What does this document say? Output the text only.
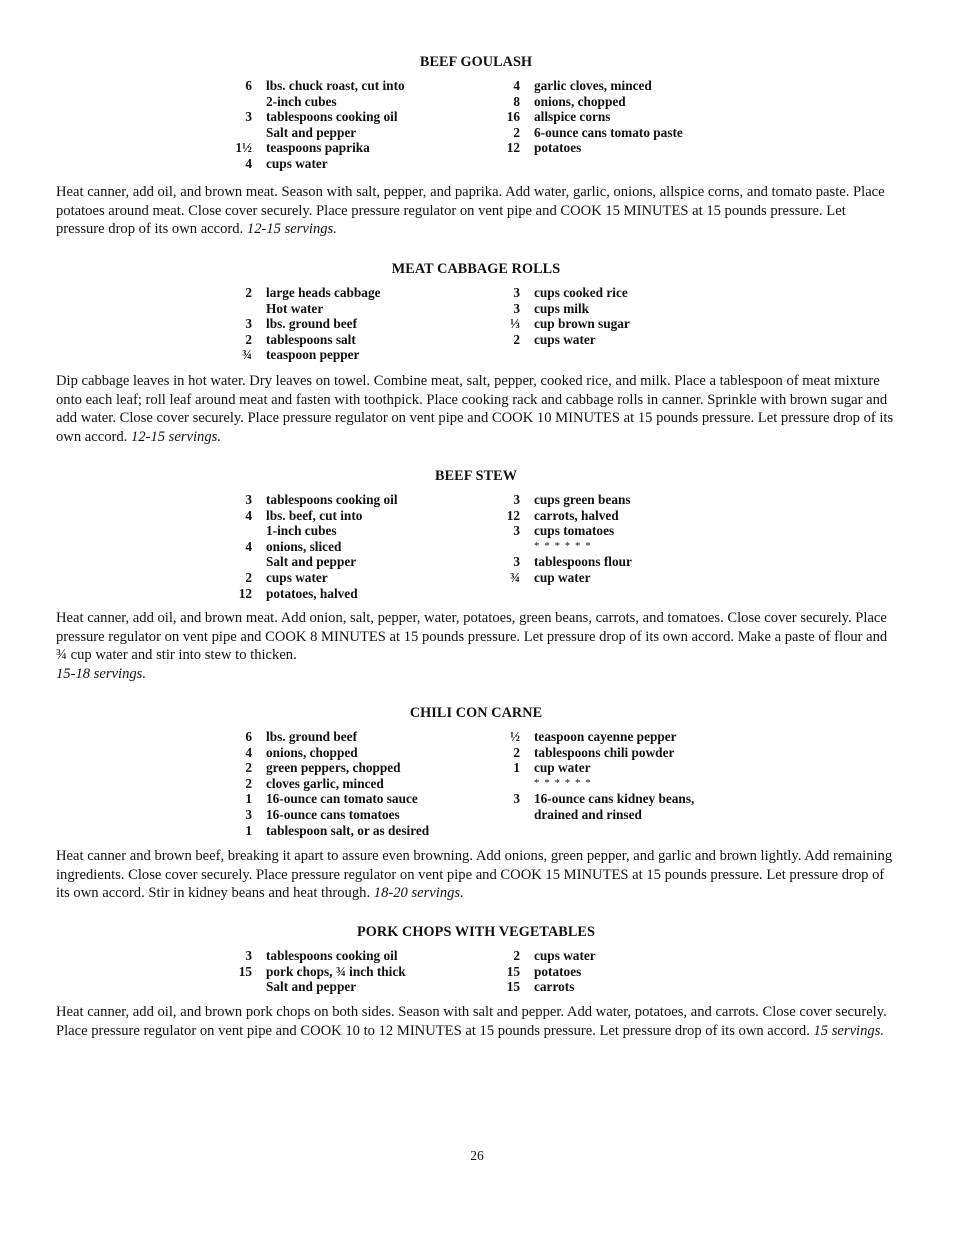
BEEF GOULASH
6	lbs. chuck roast, cut into
2-inch cubes
3	tablespoons cooking oil
Salt and pepper
1½	teaspoons paprika
4	cups water
4	garlic cloves, minced
8	onions, chopped
16	allspice corns
2	6-ounce cans tomato paste
12	potatoes

Heat canner, add oil, and brown meat. Season with salt, pepper, and paprika. Add water, garlic, onions, allspice corns, and tomato paste. Place potatoes around meat. Close cover securely. Place pressure regulator on vent pipe and COOK 15 MINUTES at 15 pounds pressure. Let pressure drop of its own accord. 12-15 servings.

MEAT CABBAGE ROLLS
2	large heads cabbage
Hot water
3	lbs. ground beef
2	tablespoons salt
¾	teaspoon pepper
3	cups cooked rice
3	cups milk
⅓	cup brown sugar
2	cups water

Dip cabbage leaves in hot water. Dry leaves on towel. Combine meat, salt, pepper, cooked rice, and milk. Place a tablespoon of meat mixture onto each leaf; roll leaf around meat and fasten with toothpick. Place cooking rack and cabbage rolls in canner. Sprinkle with brown sugar and add water. Close cover securely. Place pressure regulator on vent pipe and COOK 10 MINUTES at 15 pounds pressure. Let pressure drop of its own accord. 12-15 servings.

BEEF STEW
3	tablespoons cooking oil
4	lbs. beef, cut into
1-inch cubes
4	onions, sliced
Salt and pepper
2	cups water
12	potatoes, halved
3	cups green beans
12	carrots, halved
3	cups tomatoes
* * * * * *
3	tablespoons flour
¾	cup water

Heat canner, add oil, and brown meat. Add onion, salt, pepper, water, potatoes, green beans, carrots, and tomatoes. Close cover securely. Place pressure regulator on vent pipe and COOK 8 MINUTES at 15 pounds pressure. Let pressure drop of its own accord. Make a paste of flour and ¾ cup water and stir into stew to thicken.
15-18 servings.

CHILI CON CARNE
6	lbs. ground beef
4	onions, chopped
2	green peppers, chopped
2	cloves garlic, minced
1	16-ounce can tomato sauce
3	16-ounce cans tomatoes
1	tablespoon salt, or as desired
½	teaspoon cayenne pepper
2	tablespoons chili powder
1	cup water
* * * * * *
3	16-ounce cans kidney beans,
drained and rinsed

Heat canner and brown beef, breaking it apart to assure even browning. Add onions, green pepper, and garlic and brown lightly. Add remaining ingredients. Close cover securely. Place pressure regulator on vent pipe and COOK 15 MINUTES at 15 pounds pressure. Let pressure drop of its own accord. Stir in kidney beans and heat through. 18-20 servings.

PORK CHOPS WITH VEGETABLES
3	tablespoons cooking oil
15	pork chops, ¾ inch thick
Salt and pepper
2	cups water
15	potatoes
15	carrots

Heat canner, add oil, and brown pork chops on both sides. Season with salt and pepper. Add water, potatoes, and carrots. Close cover securely. Place pressure regulator on vent pipe and COOK 10 to 12 MINUTES at 15 pounds pressure. Let pressure drop of its own accord. 15 servings.

26
